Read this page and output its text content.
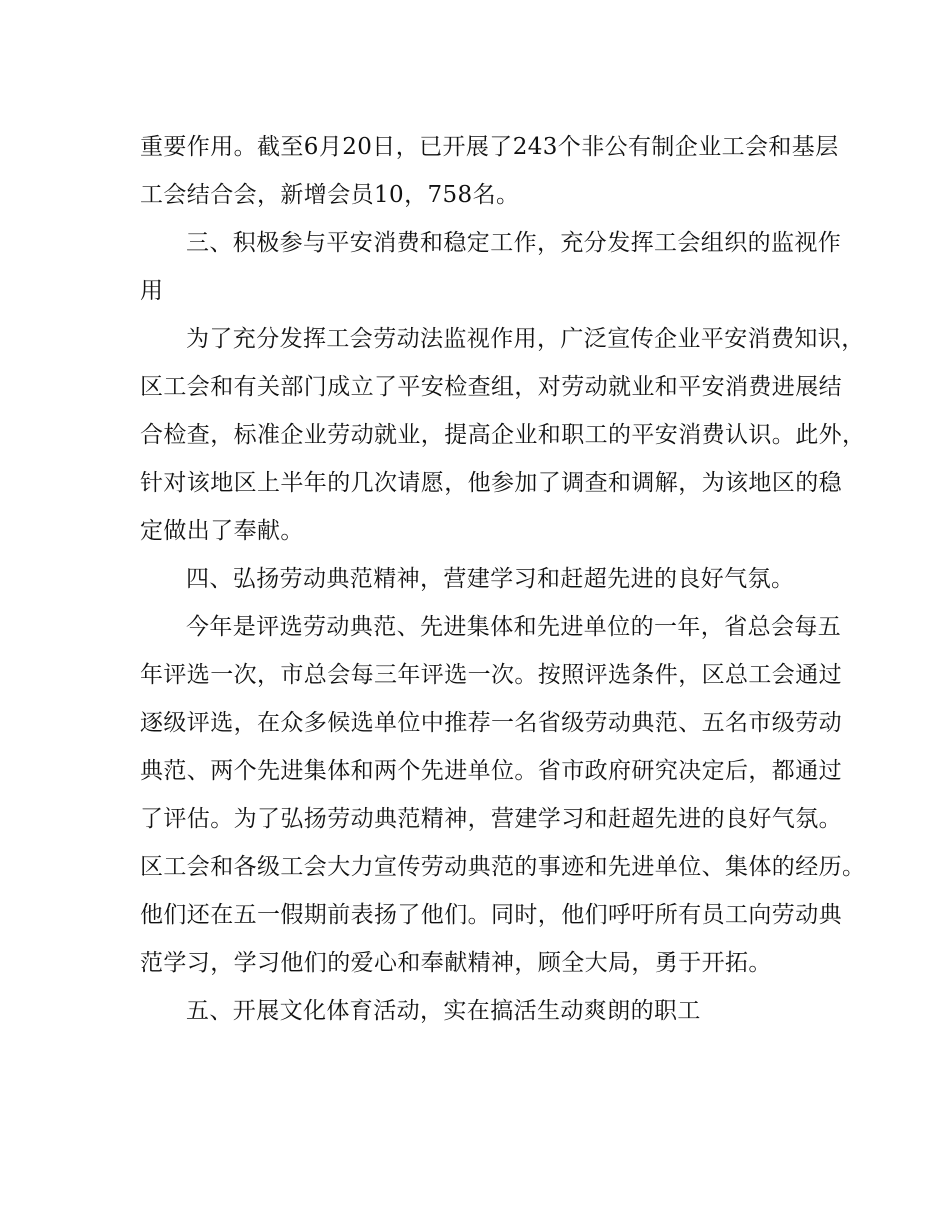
重要作用。截至6月20日，已开展了243个非公有制企业工会和基层
工会结合会，新增会员10，758名。
三、积极参与平安消费和稳定工作，充分发挥工会组织的监视作
用
为了充分发挥工会劳动法监视作用，广泛宣传企业平安消费知识，
区工会和有关部门成立了平安检查组，对劳动就业和平安消费进展结
合检查，标准企业劳动就业，提高企业和职工的平安消费认识。此外，
针对该地区上半年的几次请愿，他参加了调查和调解，为该地区的稳
定做出了奉献。
四、弘扬劳动典范精神，营建学习和赶超先进的良好气氛。
今年是评选劳动典范、先进集体和先进单位的一年，省总会每五
年评选一次，市总会每三年评选一次。按照评选条件，区总工会通过
逐级评选，在众多候选单位中推荐一名省级劳动典范、五名市级劳动
典范、两个先进集体和两个先进单位。省市政府研究决定后，都通过
了评估。为了弘扬劳动典范精神，营建学习和赶超先进的良好气氛。
区工会和各级工会大力宣传劳动典范的事迹和先进单位、集体的经历。
他们还在五一假期前表扬了他们。同时，他们呼吁所有员工向劳动典
范学习，学习他们的爱心和奉献精神，顾全大局，勇于开拓。
五、开展文化体育活动，实在搞活生动爽朗的职工
